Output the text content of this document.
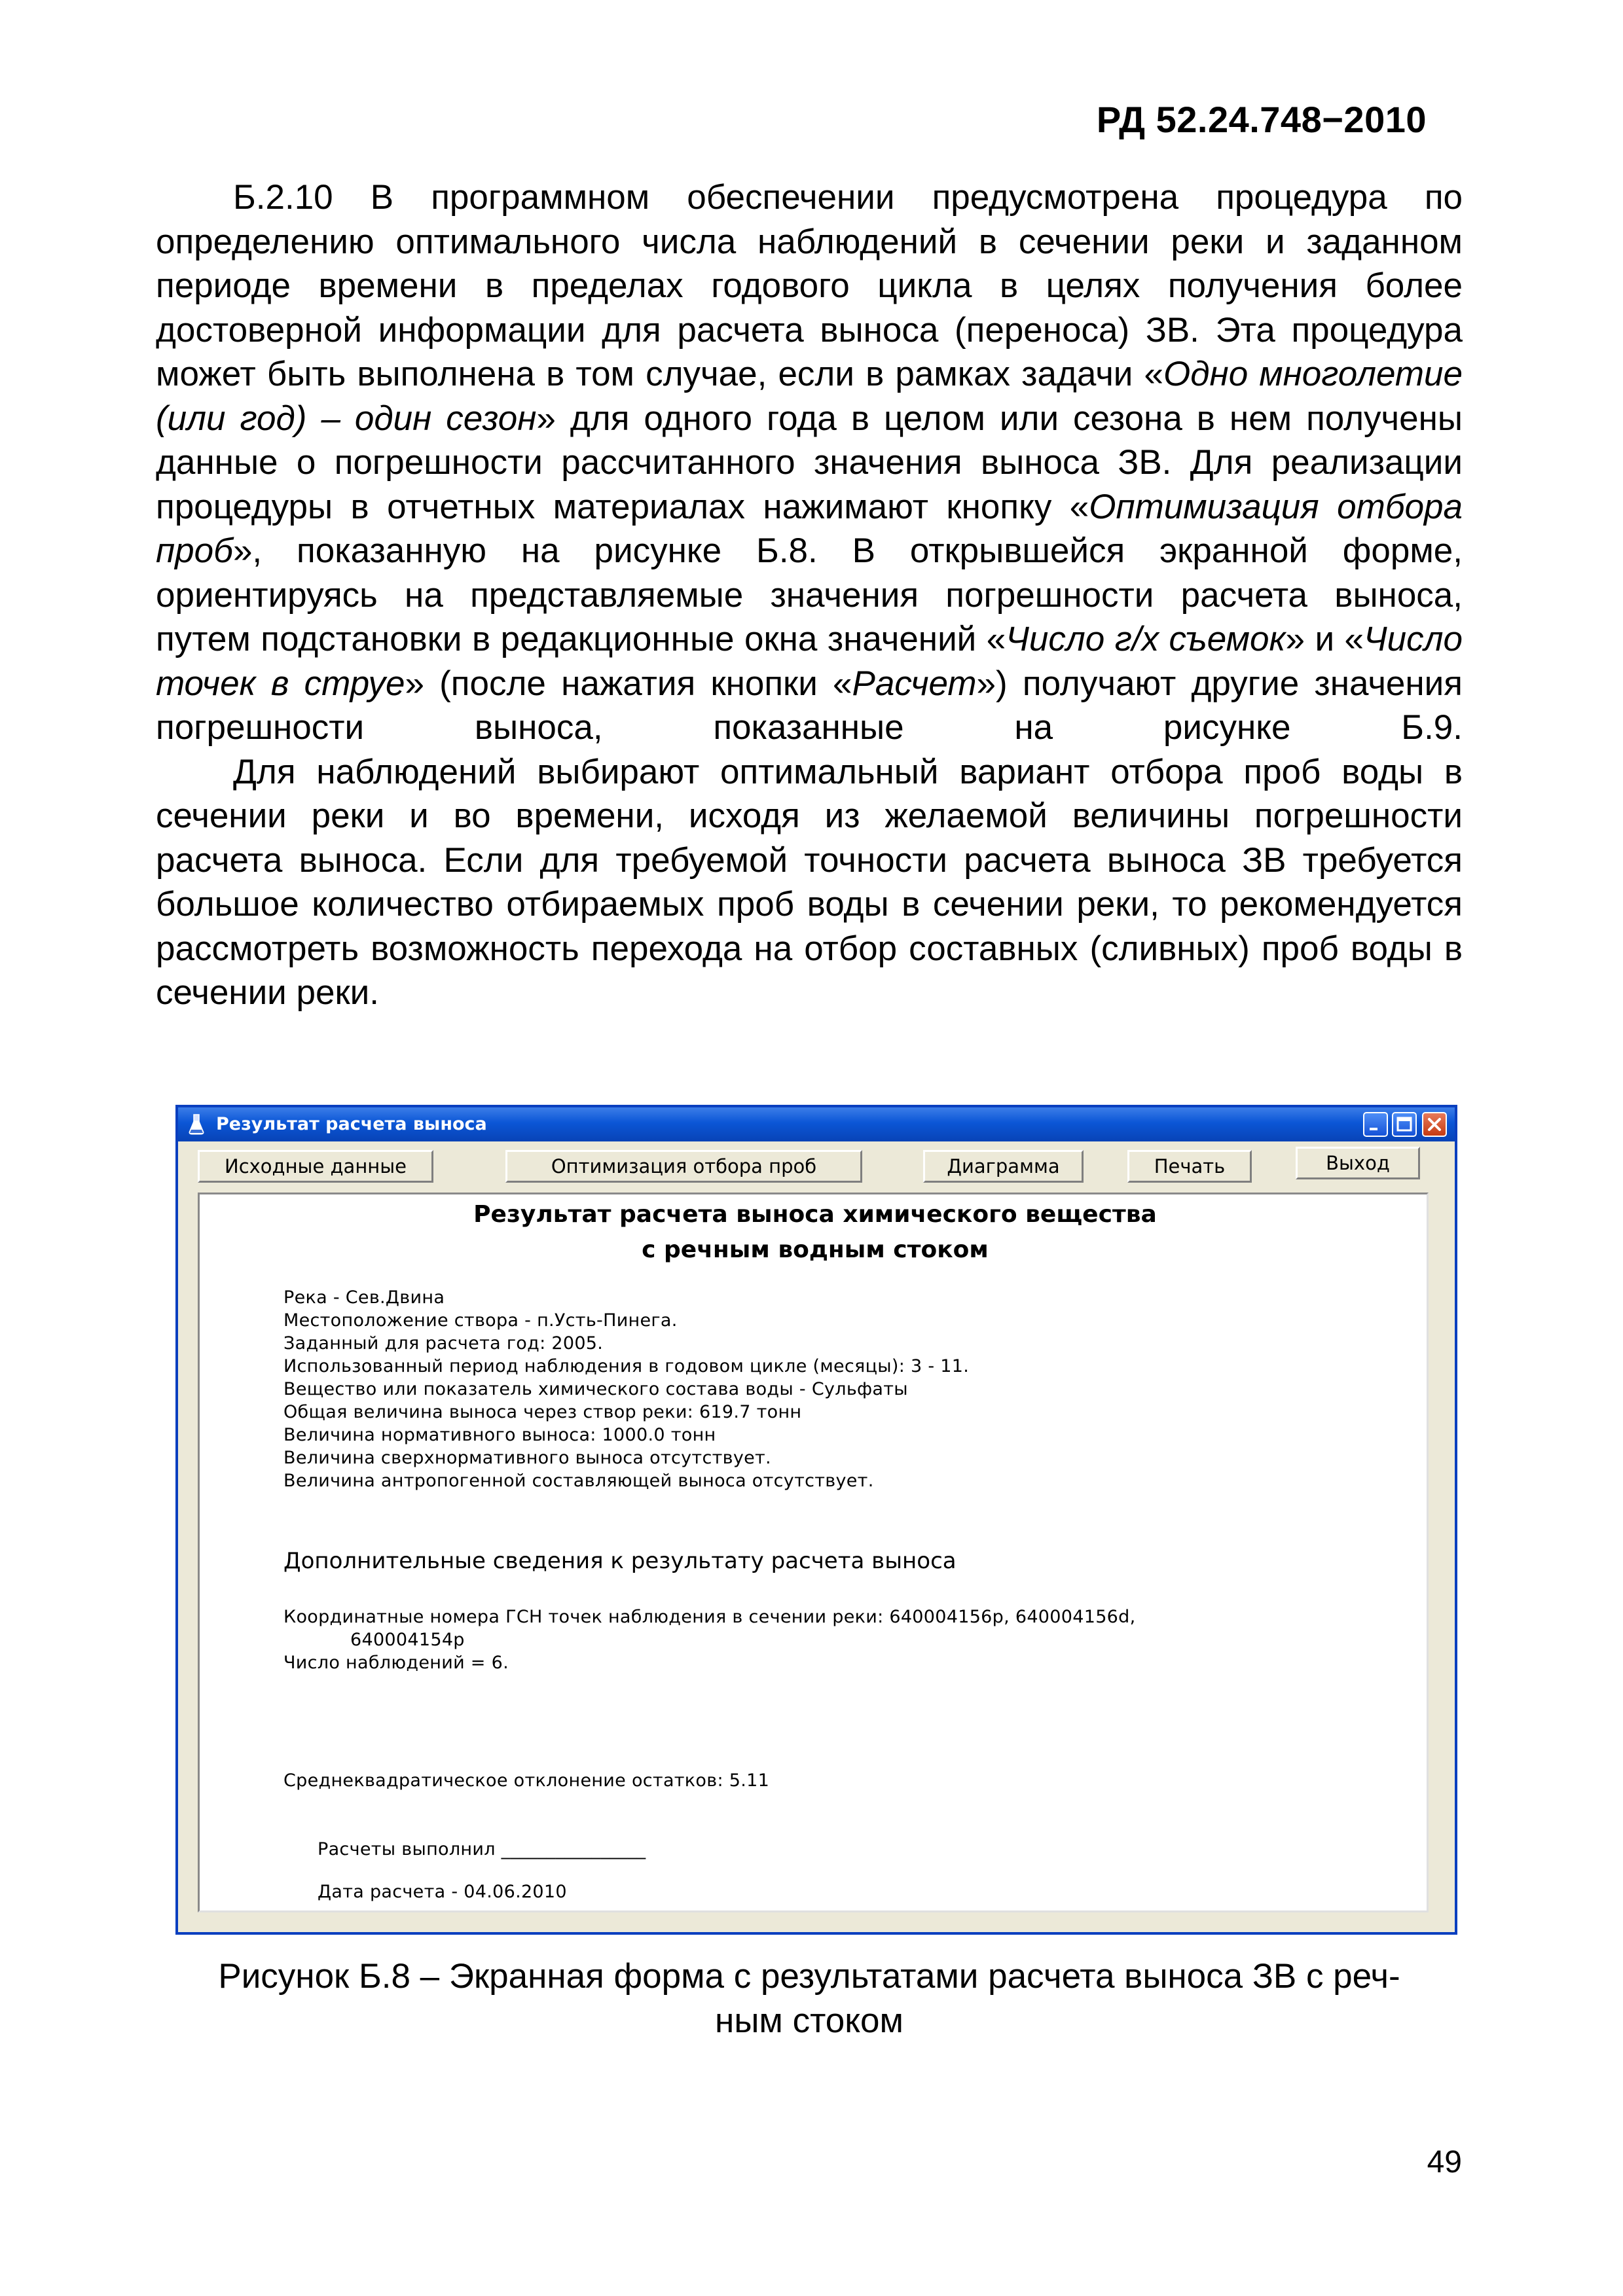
РД 52.24.748−2010

Б.2.10 В программном обеспечении предусмотрена процедура по определению оптимального числа наблюдений в сечении реки и заданном периоде времени в пределах годового цикла в целях получения более достоверной информации для расчета выноса (переноса) ЗВ. Эта процедура может быть выполнена в том случае, если в рамках задачи «Одно многолетие (или год) – один сезон» для одного года в целом или сезона в нем получены данные о погрешности рассчитанного значения выноса ЗВ. Для реализации процедуры в отчетных материалах нажимают кнопку «Оптимизация отбора проб», показанную на рисунке Б.8. В открывшейся экранной форме, ориентируясь на представляемые значения погрешности расчета выноса, путем подстановки в редакционные окна значений «Число г/х съемок» и «Число точек в струе» (после нажатия кнопки «Расчет») получают другие значения погрешности выноса, показанные на рисунке Б.9.

Для наблюдений выбирают оптимальный вариант отбора проб воды в сечении реки и во времени, исходя из желаемой величины погрешности расчета выноса. Если для требуемой точности расчета выноса ЗВ требуется большое количество отбираемых проб воды в сечении реки, то рекомендуется рассмотреть возможность перехода на отбор составных (сливных) проб воды в сечении реки.

Результат расчета выноса
Исходные данные	Оптимизация отбора проб	Диаграмма	Печать	Выход
Результат расчета выноса химического вещества
с речным водным стоком
Река - Сев.Двина
Местоположение створа - п.Усть-Пинега.
Заданный для расчета год: 2005.
Использованный период наблюдения в годовом цикле (месяцы): 3 - 11.
Вещество или показатель химического состава воды - Сульфаты
Общая величина выноса через створ реки: 619.7 тонн
Величина нормативного выноса: 1000.0 тонн
Величина сверхнормативного выноса отсутствует.
Величина антропогенной составляющей выноса отсутствует.
Дополнительные сведения к результату расчета выноса
Координатные номера ГСН точек наблюдения в сечении реки: 640004156p, 640004156d,
640004154p
Число наблюдений = 6.
Среднеквадратическое отклонение остатков: 5.11
Расчеты выполнил ________________
Дата расчета - 04.06.2010
Рисунок Б.8 – Экранная форма с результатами расчета выноса ЗВ с реч-
ным стоком
49
